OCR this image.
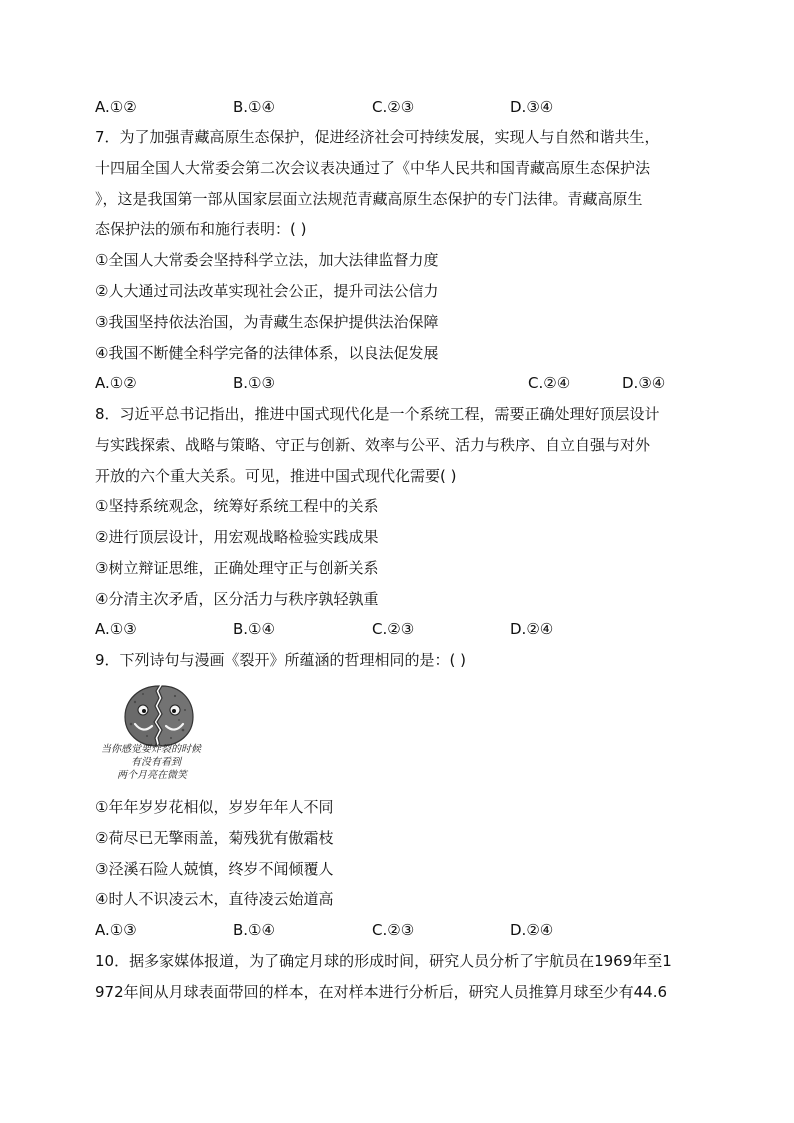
A.①②	B.①④	C.②③	D.③④
7．为了加强青藏高原生态保护，促进经济社会可持续发展，实现人与自然和谐共生，
十四届全国人大常委会第二次会议表决通过了《中华人民共和国青藏高原生态保护法
》，这是我国第一部从国家层面立法规范青藏高原生态保护的专门法律。青藏高原生
态保护法的颁布和施行表明：( )
①全国人大常委会坚持科学立法，加大法律监督力度
②人大通过司法改革实现社会公正，提升司法公信力
③我国坚持依法治国，为青藏生态保护提供法治保障
④我国不断健全科学完备的法律体系，以良法促发展
A.①②	B.①③	C.②④	D.③④
8．习近平总书记指出，推进中国式现代化是一个系统工程，需要正确处理好顶层设计
与实践探索、战略与策略、守正与创新、效率与公平、活力与秩序、自立自强与对外
开放的六个重大关系。可见，推进中国式现代化需要( )
①坚持系统观念，统筹好系统工程中的关系
②进行顶层设计，用宏观战略检验实践成果
③树立辩证思维，正确处理守正与创新关系
④分清主次矛盾，区分活力与秩序孰轻孰重
A.①③	B.①④	C.②③	D.②④
9．下列诗句与漫画《裂开》所蕴涵的哲理相同的是：( )
当你感觉要炸裂的时候
有没有看到
两个月亮在微笑
①年年岁岁花相似，岁岁年年人不同
②荷尽已无擎雨盖，菊残犹有傲霜枝
③泾溪石险人兢慎，终岁不闻倾覆人
④时人不识凌云木，直待凌云始道高
A.①③	B.①④	C.②③	D.②④
10．据多家媒体报道，为了确定月球的形成时间，研究人员分析了宇航员在1969年至1
972年间从月球表面带回的样本，在对样本进行分析后，研究人员推算月球至少有44.6
